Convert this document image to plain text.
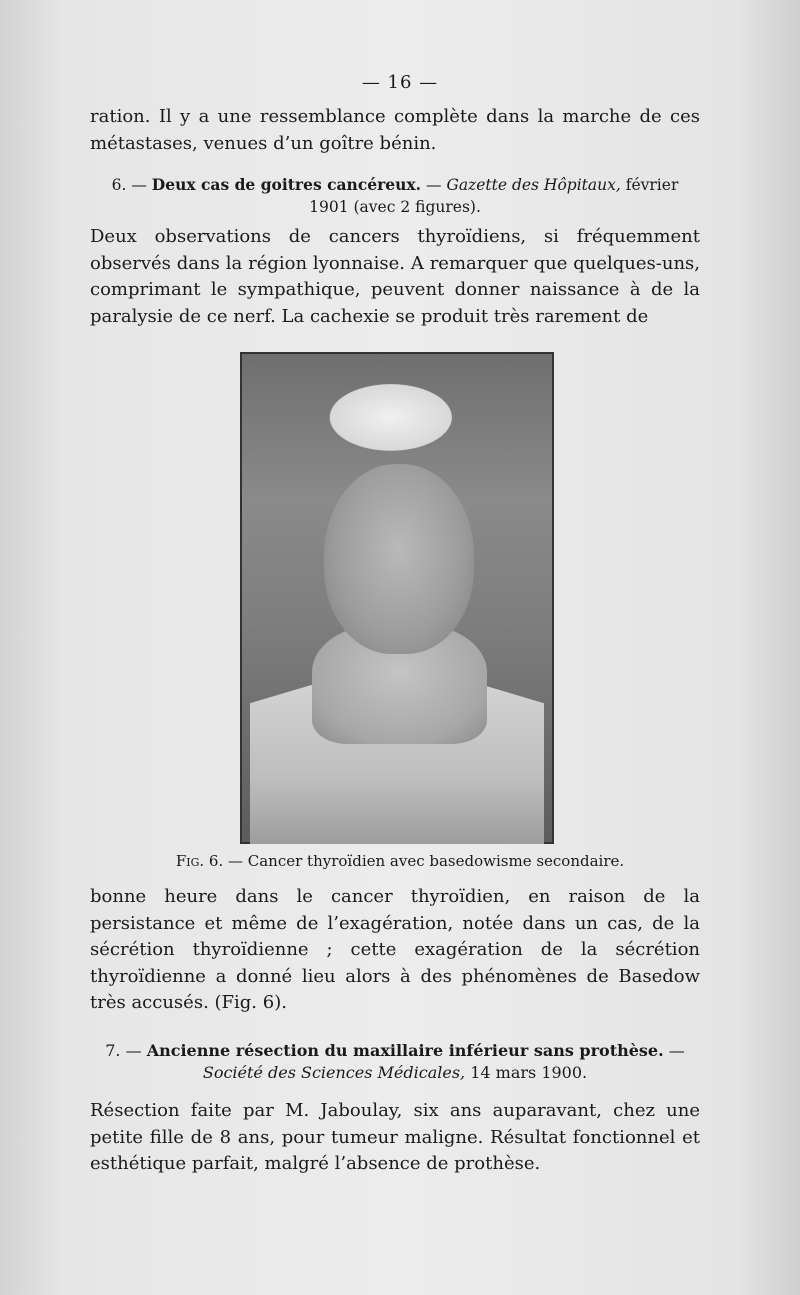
— 16 —

ration. Il y a une ressemblance complète dans la marche de ces métastases, venues d’un goître bénin.

6. — Deux cas de goitres cancéreux. — Gazette des Hôpitaux, février 1901 (avec 2 figures).

Deux observations de cancers thyroïdiens, si fréquemment observés dans la région lyonnaise. A remarquer que quelques-uns, comprimant le sympathique, peuvent donner naissance à de la paralysie de ce nerf. La cachexie se produit très rarement de

Fig. 6. — Cancer thyroïdien avec basedowisme secondaire.

bonne heure dans le cancer thyroïdien, en raison de la persistance et même de l’exagération, notée dans un cas, de la sécrétion thyroïdienne ; cette exagération de la sécrétion thyroïdienne a donné lieu alors à des phénomènes de Basedow très accusés. (Fig. 6).

7. — Ancienne résection du maxillaire inférieur sans prothèse. —
Société des Sciences Médicales, 14 mars 1900.

Résection faite par M. Jaboulay, six ans auparavant, chez une petite fille de 8 ans, pour tumeur maligne. Résultat fonctionnel et esthétique parfait, malgré l’absence de prothèse.
